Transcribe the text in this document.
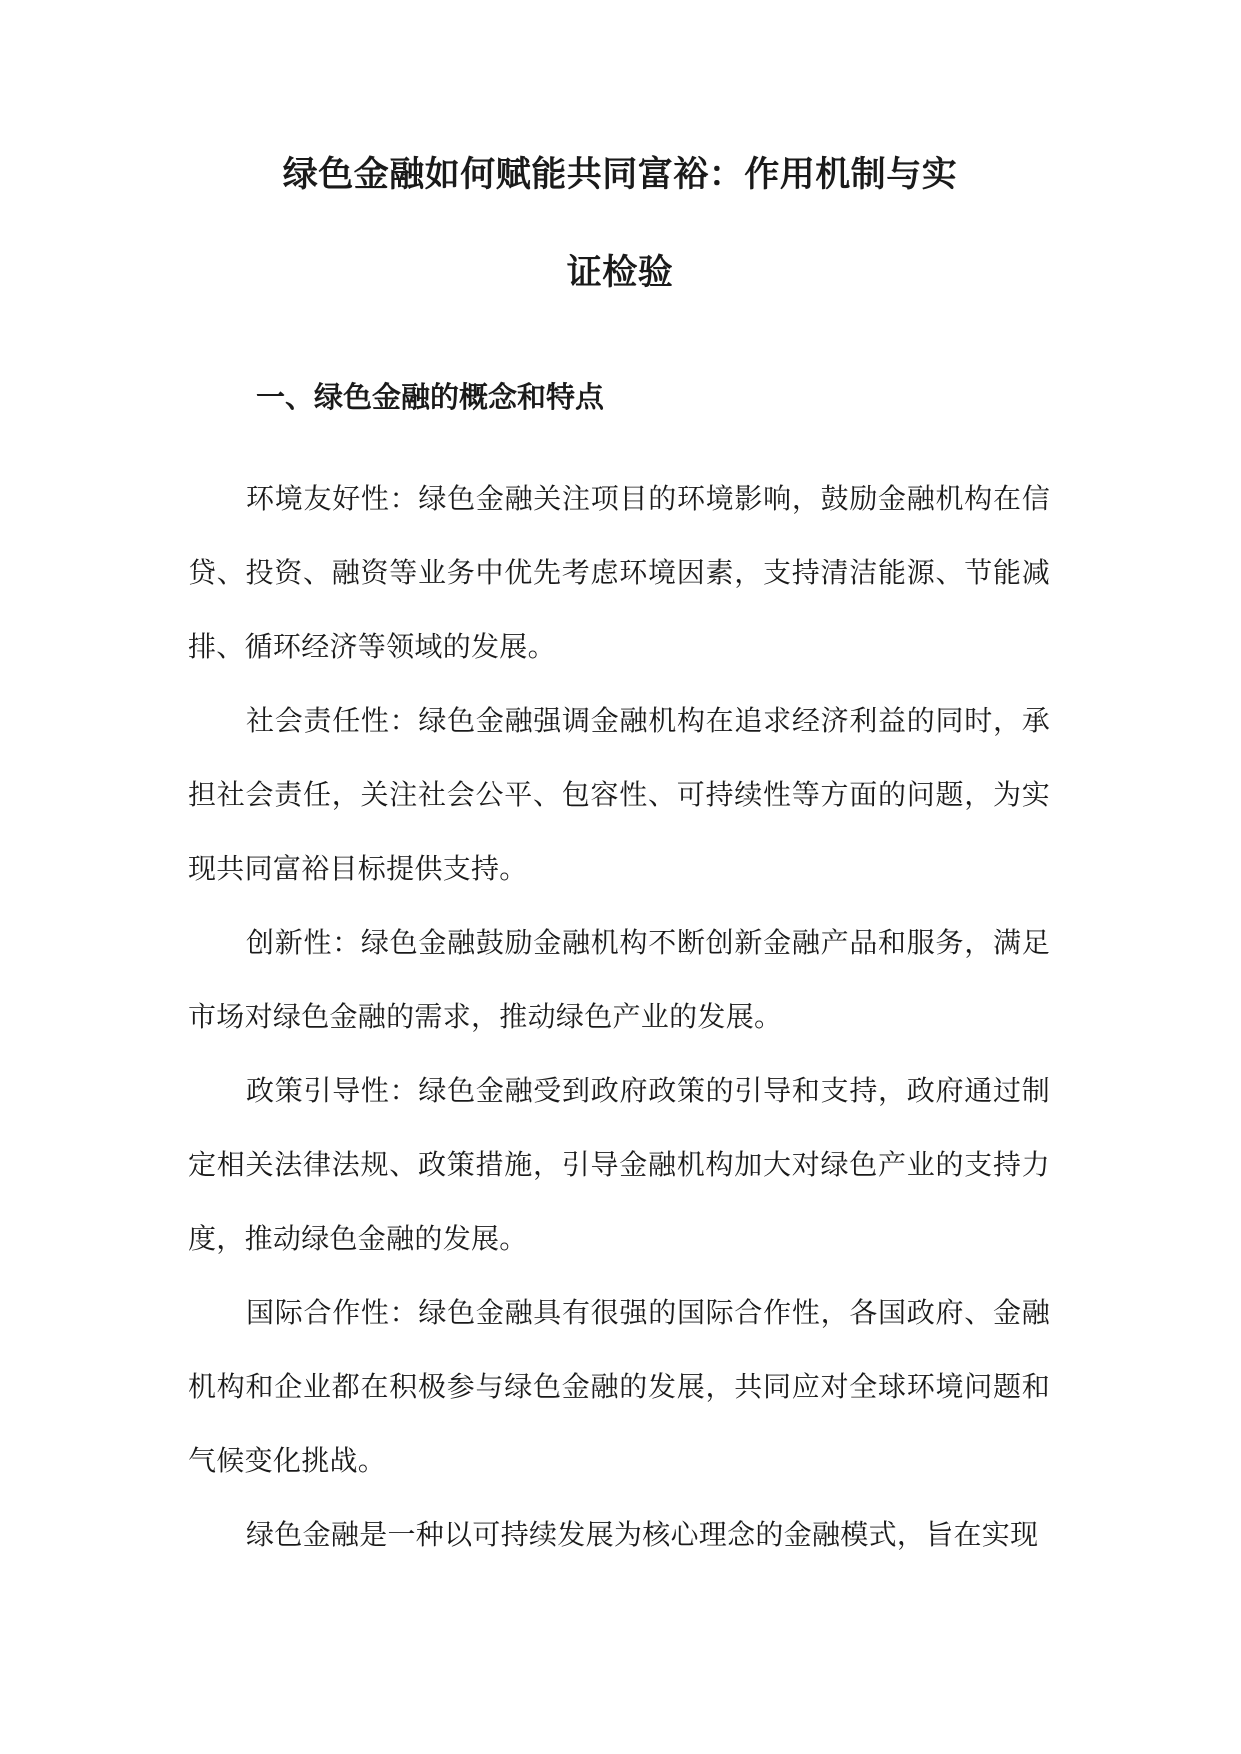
绿色金融如何赋能共同富裕：作用机制与实
证检验
一、绿色金融的概念和特点

环境友好性：绿色金融关注项目的环境影响，鼓励金融机构在信贷、投资、融资等业务中优先考虑环境因素，支持清洁能源、节能减排、循环经济等领域的发展。

社会责任性：绿色金融强调金融机构在追求经济利益的同时，承担社会责任，关注社会公平、包容性、可持续性等方面的问题，为实现共同富裕目标提供支持。

创新性：绿色金融鼓励金融机构不断创新金融产品和服务，满足市场对绿色金融的需求，推动绿色产业的发展。

政策引导性：绿色金融受到政府政策的引导和支持，政府通过制定相关法律法规、政策措施，引导金融机构加大对绿色产业的支持力度，推动绿色金融的发展。

国际合作性：绿色金融具有很强的国际合作性，各国政府、金融机构和企业都在积极参与绿色金融的发展，共同应对全球环境问题和气候变化挑战。

绿色金融是一种以可持续发展为核心理念的金融模式，旨在实现
